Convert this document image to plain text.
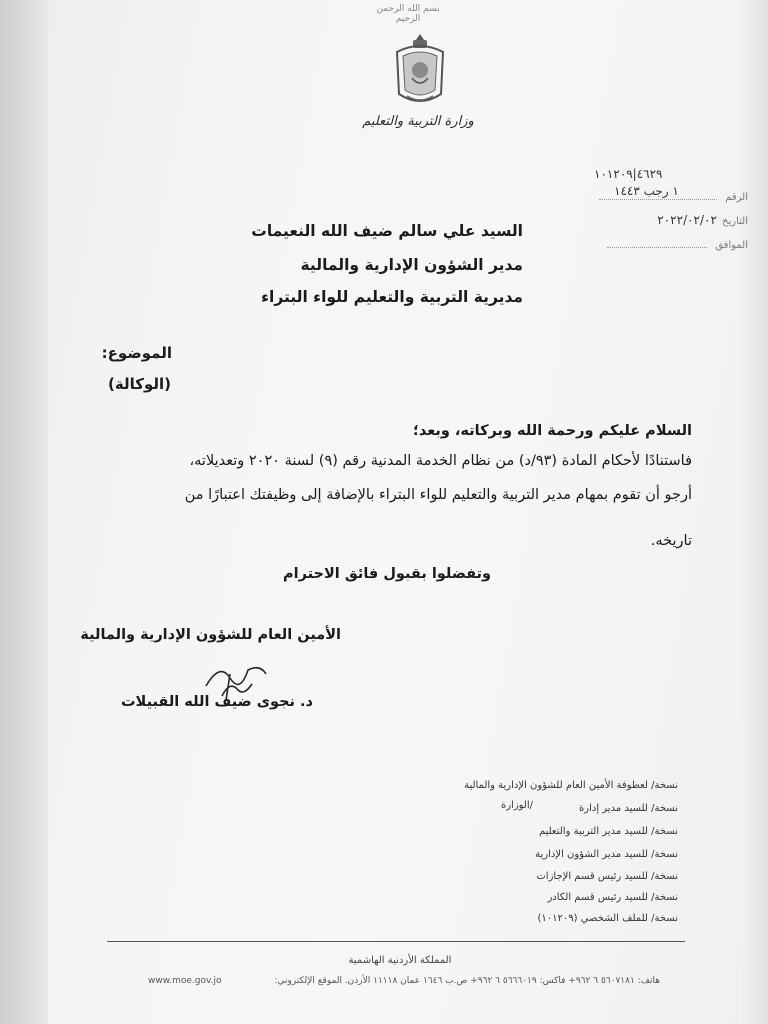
بسم الله الرحمن الرحيم
وزارة التربية والتعليم
٤٦٢٩|١٠١٢٠٩
الرقم
١ رجب ١٤٤٣
التاريخ ٢٠٢٢/٠٢/٠٢
الموافق
السيد علي سالم ضيف الله النعيمات
مدير الشؤون الإدارية والمالية
مديرية التربية والتعليم للواء البتراء
الموضوع:
(الوكالة)
السلام عليكم ورحمة الله وبركاته، وبعد؛
فاستنادًا لأحكام المادة (٩٣/د) من نظام الخدمة المدنية رقم (٩) لسنة ٢٠٢٠ وتعديلاته،
أرجو أن تقوم بمهام مدير التربية والتعليم للواء البتراء بالإضافة إلى وظيفتك اعتبارًا من
تاريخه.
وتفضلوا بقبول فائق الاحترام
الأمين العام للشؤون الإدارية والمالية
د. نجوى ضيف الله القبيلات
نسخة/ لعطوفة الأمين العام للشؤون الإدارية والمالية
نسخة/ للسيد مدير إدارة
/الوزارة
نسخة/ للسيد مدير التربية والتعليم
نسخة/ للسيد مدير الشؤون الإدارية
نسخة/ للسيد رئيس قسم الإجازات
نسخة/ للسيد رئيس قسم الكادر
نسخة/ للملف الشخصي (١٠١٢٠٩)
المملكة الأردنية الهاشمية
هاتف: ٥٦٠٧١٨١ ٦ ٩٦٢+ فاكس: ٥٦٦٦٠١٩ ٦ ٩٦٢+ ص.ب ١٦٤٦ عمان ١١١١٨ الأردن. الموقع الإلكتروني:
www.moe.gov.jo
